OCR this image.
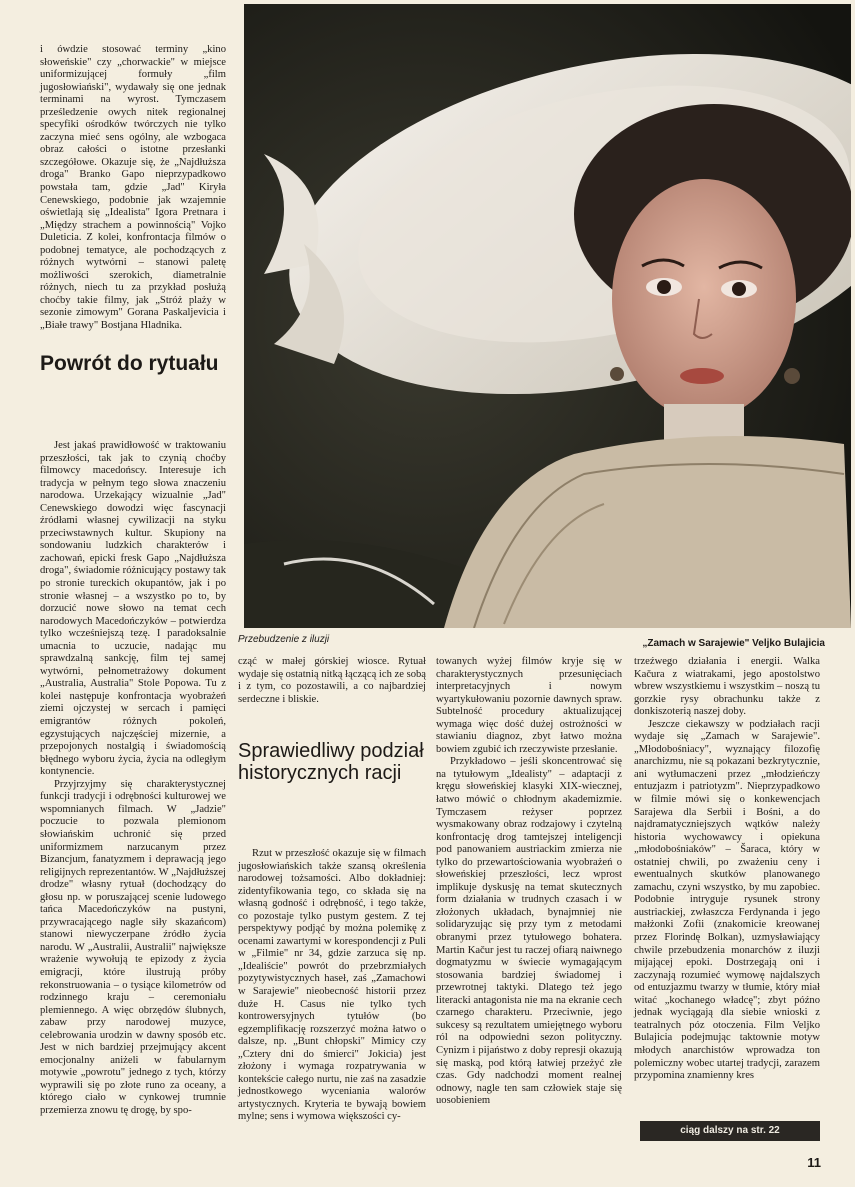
i ówdzie stosować terminy „kino słoweńskie" czy „chorwackie" w miejsce uniformizującej formuły „film jugosłowiański", wydawały się one jednak terminami na wyrost. Tymczasem prześledzenie owych nitek regionalnej specyfiki ośrodków twórczych nie tylko zaczyna mieć sens ogólny, ale wzbogaca obraz całości o istotne przesłanki szczegółowe. Okazuje się, że „Najdłuższa droga" Branko Gapo nieprzypadkowo powstała tam, gdzie „Jad" Kiryła Cenewskiego, podobnie jak wzajemnie oświetlają się „Idealista" Igora Pretnara i „Między strachem a powinnością" Vojko Duleticia. Z kolei, konfrontacja filmów o podobnej tematyce, ale pochodzących z różnych wytwórni – stanowi paletę możliwości szerokich, diametralnie różnych, niech tu za przykład posłużą choćby takie filmy, jak „Stróż plaży w sezonie zimowym" Gorana Paskaljevicia i „Białe trawy" Bostjana Hladnika.

Powrót do rytuału

Jest jakaś prawidłowość w traktowaniu przeszłości, tak jak to czynią choćby filmowcy macedońscy. Interesuje ich tradycja w pełnym tego słowa znaczeniu narodowa. Urzekający wizualnie „Jad" Cenewskiego dowodzi więc fascynacji źródłami własnej cywilizacji na styku przeciwstawnych kultur. Skupiony na sondowaniu ludzkich charakterów i zachowań, epicki fresk Gapo „Najdłuższa droga", świadomie różnicujący postawy tak po stronie tureckich okupantów, jak i po stronie własnej – a wszystko po to, by dorzucić nowe słowo na temat cech narodowych Macedończyków – potwierdza tylko wcześniejszą tezę. I paradoksalnie umacnia to uczucie, nadając mu sprawdzalną sankcję, film tej samej wytwórni, pełnometrażowy dokument „Australia, Australia" Stole Popowa. Tu z kolei następuje konfrontacja wyobrażeń ziemi ojczystej w sercach i pamięci emigrantów różnych pokoleń, egzystujących najczęściej mizernie, a przepojonych nostalgią i świadomością błędnego wyboru życia, życia na odległym kontynencie.

Przyjrzyjmy się charakterystycznej funkcji tradycji i odrębności kulturowej we wspomnianych filmach. W „Jadzie" poczucie to pozwala plemionom słowiańskim uchronić się przed uniformizmem narzucanym przez Bizancjum, fanatyzmem i deprawacją jego religijnych reprezentantów. W „Najdłuższej drodze" własny rytuał (dochodzący do głosu np. w poruszającej scenie ludowego tańca Macedończyków na pustyni, przywracającego nagle siły skazańcom) stanowi niewyczerpane źródło życia narodu. W „Australii, Australii" największe wrażenie wywołują te epizody z życia emigracji, które ilustrują próby rekonstruowania – o tysiące kilometrów od rodzinnego kraju – ceremoniału plemiennego. A więc obrzędów ślubnych, zabaw przy narodowej muzyce, celebrowania urodzin w dawny sposób etc. Jest w nich bardziej przejmujący akcent emocjonalny aniżeli w fabularnym motywie „powrotu" jednego z tych, którzy wyprawili się po złote runo za oceany, a którego ciało w cynkowej trumnie przemierza znowu tę drogę, by spo-

Przebudzenie z iluzji	„Zamach w Sarajewie" Veljko Bulajicia

cząć w małej górskiej wiosce. Rytuał wydaje się ostatnią nitką łączącą ich ze sobą i z tym, co pozostawili, a co najbardziej serdeczne i bliskie.

Sprawiedliwy podział historycznych racji

Rzut w przeszłość okazuje się w filmach jugosłowiańskich także szansą określenia narodowej tożsamości. Albo dokładniej: zidentyfikowania tego, co składa się na własną godność i odrębność, i tego także, co pozostaje tylko pustym gestem. Z tej perspektywy podjąć by można polemikę z ocenami zawartymi w korespondencji z Puli w „Filmie" nr 34, gdzie zarzuca się np. „Idealiście" powrót do przebrzmiałych pozytywistycznych haseł, zaś „Zamachowi w Sarajewie" nieobecność historii przez duże H. Casus nie tylko tych kontrowersyjnych tytułów (bo egzemplifikację rozszerzyć można łatwo o dalsze, np. „Bunt chłopski" Mimicy czy „Cztery dni do śmierci" Jokicia) jest złożony i wymaga rozpatrywania w kontekście całego nurtu, nie zaś na zasadzie jednostkowego wyceniania walorów artystycznych. Kryteria te bywają bowiem mylne; sens i wymowa większości cy-

towanych wyżej filmów kryje się w charakterystycznych przesunięciach interpretacyjnych i nowym wyartykułowaniu pozornie dawnych spraw. Subtelność procedury aktualizującej wymaga więc dość dużej ostrożności w stawianiu diagnoz, zbyt łatwo można bowiem zgubić ich rzeczywiste przesłanie.

Przykładowo – jeśli skoncentrować się na tytułowym „Idealisty" – adaptacji z kręgu słoweńskiej klasyki XIX-wiecznej, łatwo mówić o chłodnym akademizmie. Tymczasem reżyser poprzez wysmakowany obraz rodzajowy i czytelną konfrontację drog tamtejszej inteligencji pod panowaniem austriackim zmierza nie tylko do przewartościowania wyobrażeń o słoweńskiej przeszłości, lecz wprost implikuje dyskusję na temat skutecznych form działania w trudnych czasach i w złożonych układach, bynajmniej nie solidaryzując się przy tym z metodami obranymi przez tytułowego bohatera. Martin Kačur jest tu raczej ofiarą naiwnego dogmatyzmu w świecie wymagającym stosowania bardziej świadomej i przewrotnej taktyki. Dlatego też jego literacki antagonista nie ma na ekranie cech czarnego charakteru. Przeciwnie, jego sukcesy są rezultatem umiejętnego wyboru ról na odpowiedni sezon polityczny. Cynizm i pijaństwo z doby represji okazują się maską, pod którą łatwiej przeżyć złe czas. Gdy nadchodzi moment realnej odnowy, nagle ten sam człowiek staje się uosobieniem

trzeźwego działania i energii. Walka Kačura z wiatrakami, jego apostolstwo wbrew wszystkiemu i wszystkim – noszą tu gorzkie rysy obrachunku także z donkiszoterią naszej doby.

Jeszcze ciekawszy w podziałach racji wydaje się „Zamach w Sarajewie". „Młodobośniacy", wyznający filozofię anarchizmu, nie są pokazani bezkrytycznie, ani wytłumaczeni przez „młodzieńczy entuzjazm i patriotyzm". Nieprzypadkowo w filmie mówi się o konkewencjach Sarajewa dla Serbii i Bośni, a do najdramatyczniejszych wątków należy historia wychowawcy i opiekuna „młodobośniaków" – Šaraca, który w ostatniej chwili, po zważeniu ceny i ewentualnych skutków planowanego zamachu, czyni wszystko, by mu zapobiec. Podobnie intryguje rysunek strony austriackiej, zwłaszcza Ferdynanda i jego małżonki Zofii (znakomicie kreowanej przez Florindę Bolkan), uzmysławiający chwile przebudzenia monarchów z iluzji mijającej epoki. Dostrzegają oni i zaczynają rozumieć wymowę najdalszych od entuzjazmu twarzy w tłumie, który miał witać „kochanego władcę"; zbyt późno jednak wyciągają dla siebie wnioski z teatralnych póz otoczenia. Film Veljko Bulajicia podejmując taktownie motyw młodych anarchistów wprowadza ton polemiczny wobec utartej tradycji, zarazem przypomina znamienny kres

ciąg dalszy na str. 22
11
